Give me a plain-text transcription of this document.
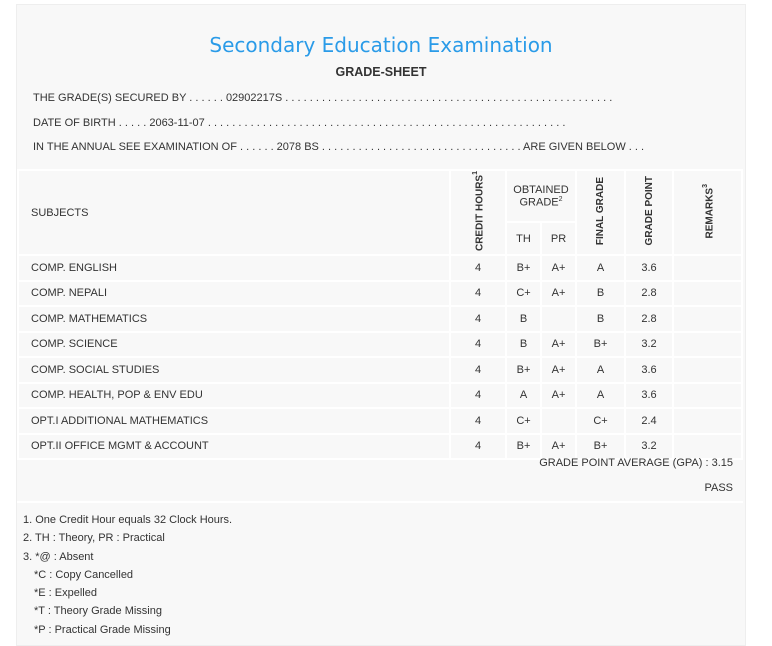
Secondary Education Examination
GRADE-SHEET
THE GRADE(S) SECURED BY . . . . . . 02902217S . . . . . . . . . . . . . . . . . . . . . . . . . . . . . . . . . . . . . . . . . . . . . . . . . . . . . .
DATE OF BIRTH . . . . . 2063-11-07 . . . . . . . . . . . . . . . . . . . . . . . . . . . . . . . . . . . . . . . . . . . . . . . . . . . . . . . . . . .
IN THE ANNUAL SEE EXAMINATION OF . . . . . . 2078 BS . . . . . . . . . . . . . . . . . . . . . . . . . . . . . . . . . ARE GIVEN BELOW . . .
SUBJECTS	CREDIT HOURS$^1$	OBTAINED GRADE$^2$		FINAL GRADE	GRADE POINT	REMARKS$^3$
		TH	PR			
COMP. ENGLISH	4	B+	A+	A	3.6	
COMP. NEPALI	4	C+	A+	B	2.8	
COMP. MATHEMATICS	4	B		B	2.8	
COMP. SCIENCE	4	B	A+	B+	3.2	
COMP. SOCIAL STUDIES	4	B+	A+	A	3.6	
COMP. HEALTH, POP & ENV EDU	4	A	A+	A	3.6	
OPT.I ADDITIONAL MATHEMATICS	4	C+		C+	2.4	
OPT.II OFFICE MGMT & ACCOUNT	4	B+	A+	B+	3.2	
GRADE POINT AVERAGE (GPA) : 3.15
PASS
1. One Credit Hour equals 32 Clock Hours.
2. TH : Theory, PR : Practical
3. *@ : Absent
*C : Copy Cancelled
*E : Expelled
*T : Theory Grade Missing
*P : Practical Grade Missing
